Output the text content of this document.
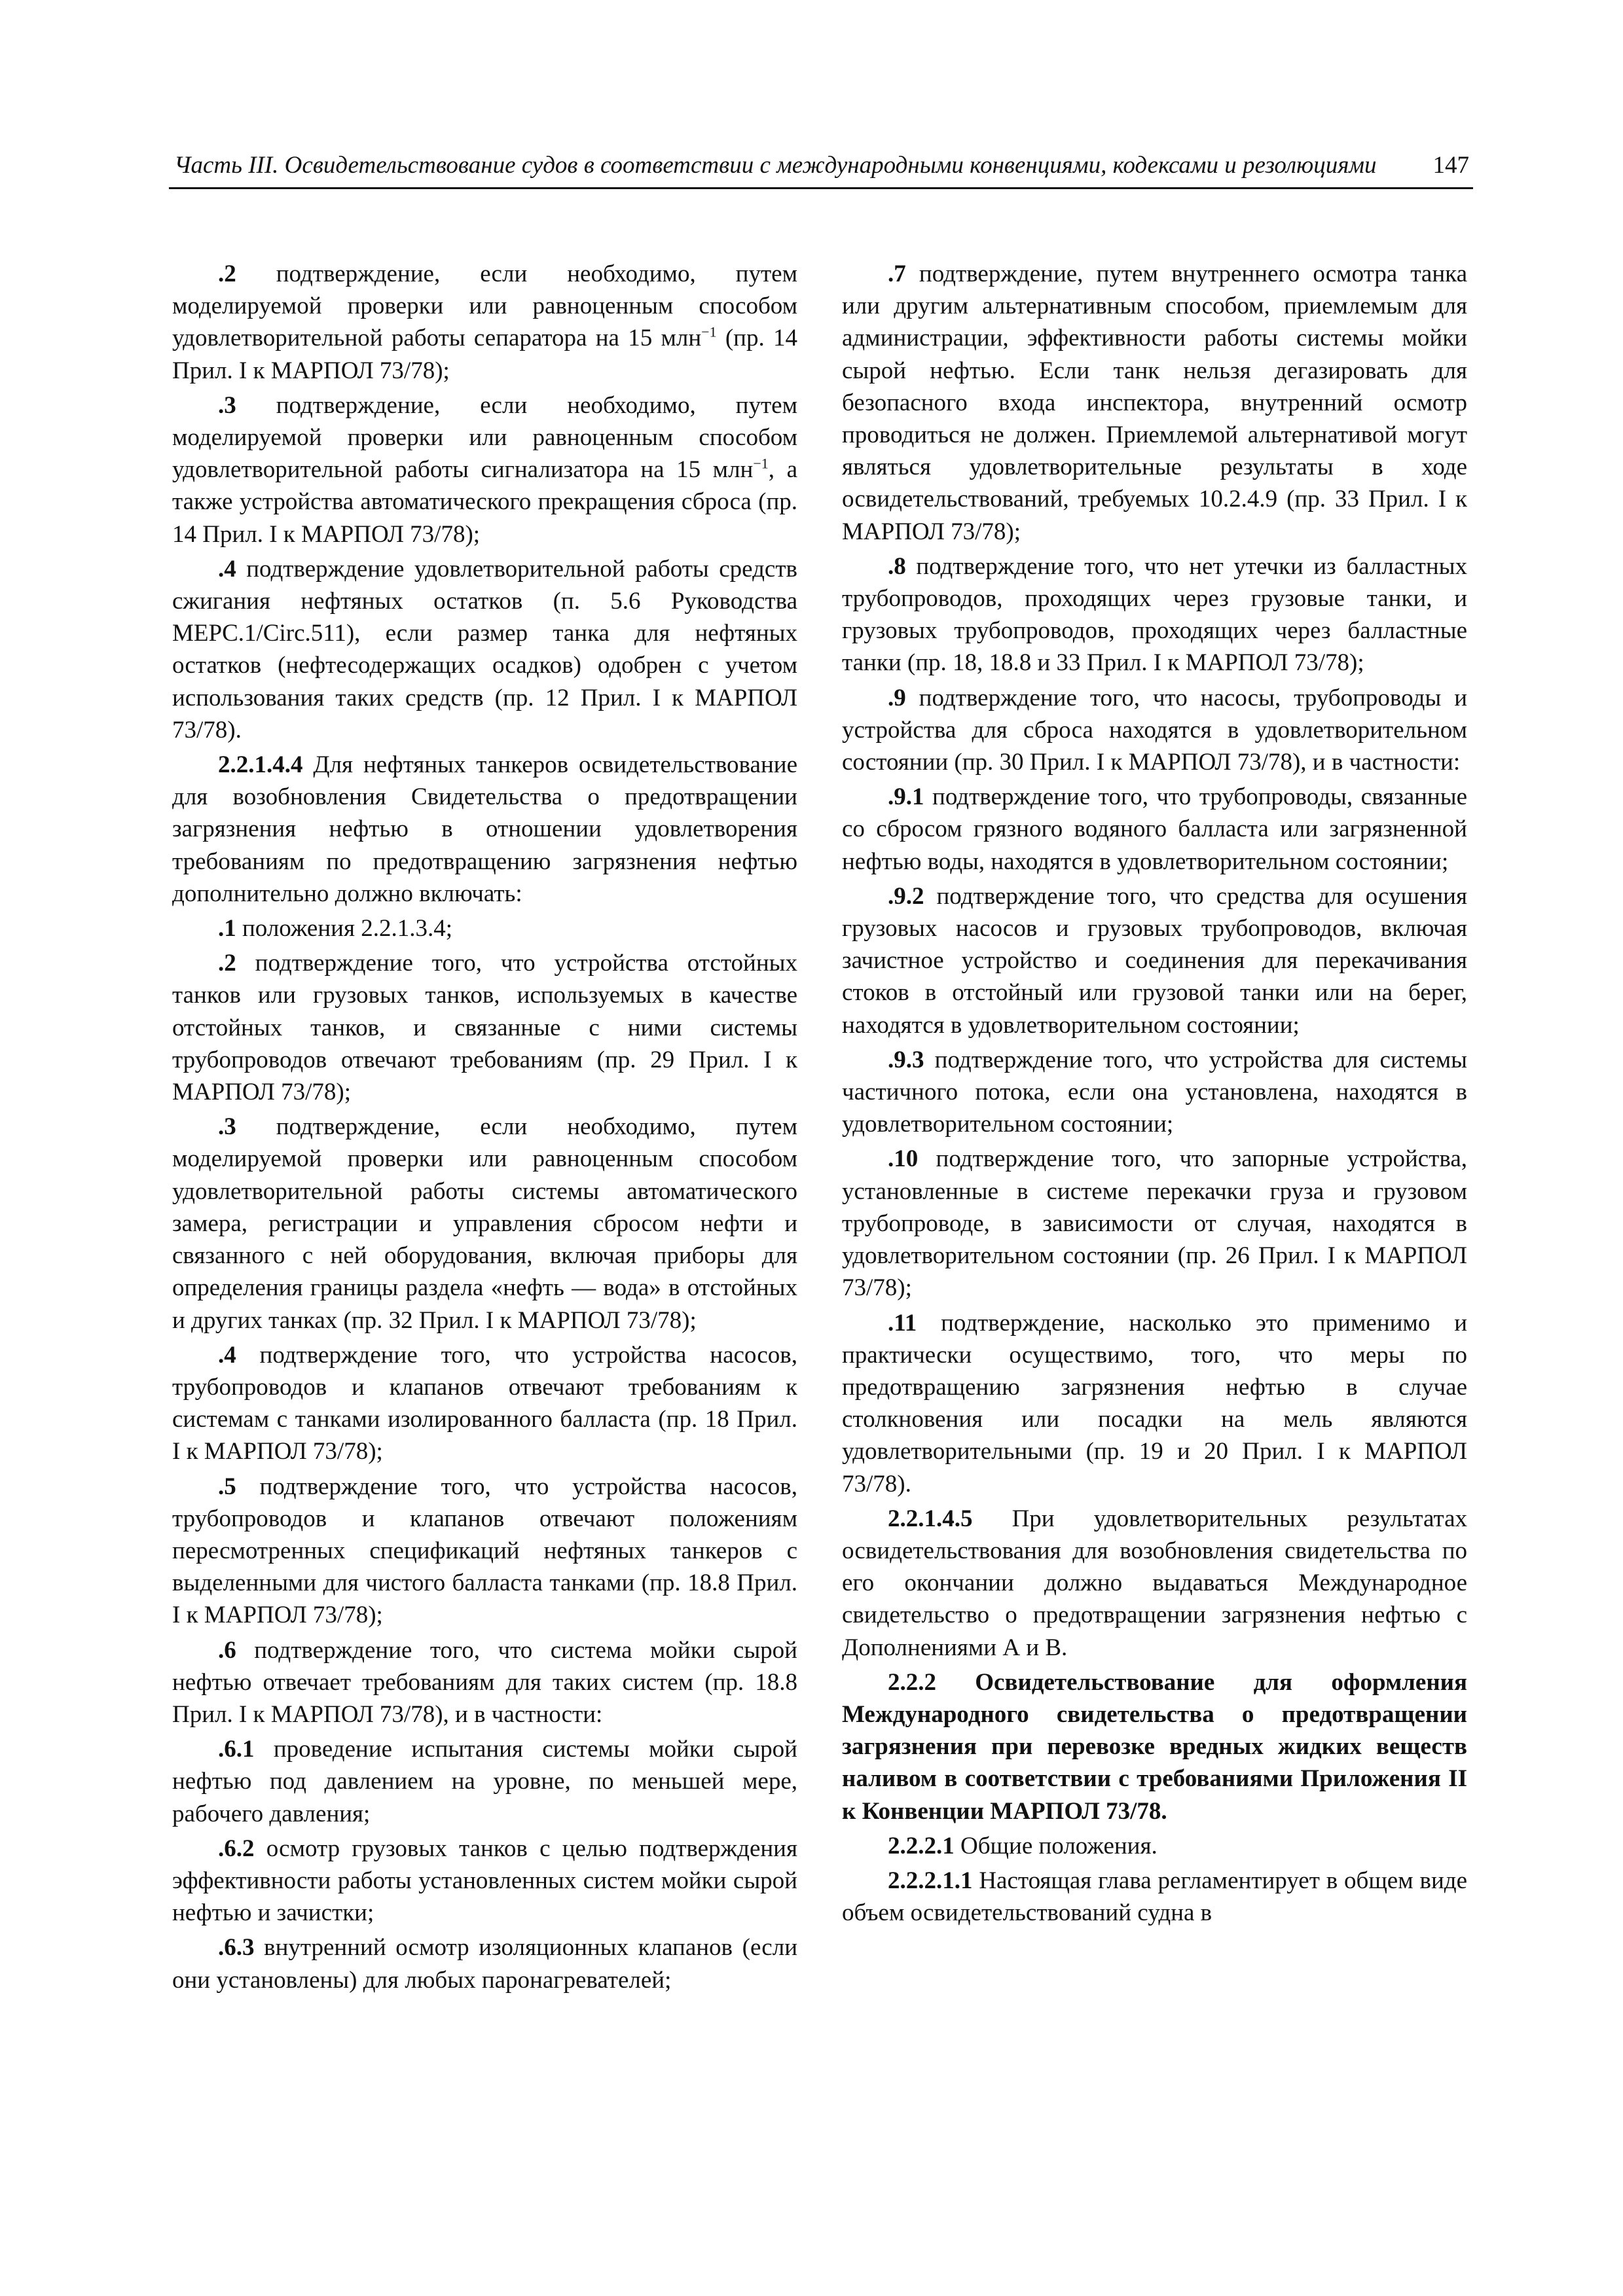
Часть III. Освидетельствование судов в соответствии с международными конвенциями, кодексами и резолюциями 147

.2 подтверждение, если необходимо, путем моделируемой проверки или равноценным способом удовлетворительной работы сепаратора на 15 млн$^{-1}$ (пр. 14 Прил. I к МАРПОЛ 73/78);

.3 подтверждение, если необходимо, путем моделируемой проверки или равноценным способом удовлетворительной работы сигнализатора на 15 млн$^{-1}$, а также устройства автоматического прекращения сброса (пр. 14 Прил. I к МАРПОЛ 73/78);

.4 подтверждение удовлетворительной работы средств сжигания нефтяных остатков (п. 5.6 Руководства MEPC.1/Circ.511), если размер танка для нефтяных остатков (нефтесодержащих осадков) одобрен с учетом использования таких средств (пр. 12 Прил. I к МАРПОЛ 73/78).

2.2.1.4.4 Для нефтяных танкеров освидетельствование для возобновления Свидетельства о предотвращении загрязнения нефтью в отношении удовлетворения требованиям по предотвращению загрязнения нефтью дополнительно должно включать:

.1 положения 2.2.1.3.4;

.2 подтверждение того, что устройства отстойных танков или грузовых танков, используемых в качестве отстойных танков, и связанные с ними системы трубопроводов отвечают требованиям (пр. 29 Прил. I к МАРПОЛ 73/78);

.3 подтверждение, если необходимо, путем моделируемой проверки или равноценным способом удовлетворительной работы системы автоматического замера, регистрации и управления сбросом нефти и связанного с ней оборудования, включая приборы для определения границы раздела «нефть — вода» в отстойных и других танках (пр. 32 Прил. I к МАРПОЛ 73/78);

.4 подтверждение того, что устройства насосов, трубопроводов и клапанов отвечают требованиям к системам с танками изолированного балласта (пр. 18 Прил. I к МАРПОЛ 73/78);

.5 подтверждение того, что устройства насосов, трубопроводов и клапанов отвечают положениям пересмотренных спецификаций нефтяных танкеров с выделенными для чистого балласта танками (пр. 18.8 Прил. I к МАРПОЛ 73/78);

.6 подтверждение того, что система мойки сырой нефтью отвечает требованиям для таких систем (пр. 18.8 Прил. I к МАРПОЛ 73/78), и в частности:

.6.1 проведение испытания системы мойки сырой нефтью под давлением на уровне, по меньшей мере, рабочего давления;

.6.2 осмотр грузовых танков с целью подтверждения эффективности работы установленных систем мойки сырой нефтью и зачистки;

.6.3 внутренний осмотр изоляционных клапанов (если они установлены) для любых паронагревателей;

.7 подтверждение, путем внутреннего осмотра танка или другим альтернативным способом, приемлемым для администрации, эффективности работы системы мойки сырой нефтью. Если танк нельзя дегазировать для безопасного входа инспектора, внутренний осмотр проводиться не должен. Приемлемой альтернативой могут являться удовлетворительные результаты в ходе освидетельствований, требуемых 10.2.4.9 (пр. 33 Прил. I к МАРПОЛ 73/78);

.8 подтверждение того, что нет утечки из балластных трубопроводов, проходящих через грузовые танки, и грузовых трубопроводов, проходящих через балластные танки (пр. 18, 18.8 и 33 Прил. I к МАРПОЛ 73/78);

.9 подтверждение того, что насосы, трубопроводы и устройства для сброса находятся в удовлетворительном состоянии (пр. 30 Прил. I к МАРПОЛ 73/78), и в частности:

.9.1 подтверждение того, что трубопроводы, связанные со сбросом грязного водяного балласта или загрязненной нефтью воды, находятся в удовлетворительном состоянии;

.9.2 подтверждение того, что средства для осушения грузовых насосов и грузовых трубопроводов, включая зачистное устройство и соединения для перекачивания стоков в отстойный или грузовой танки или на берег, находятся в удовлетворительном состоянии;

.9.3 подтверждение того, что устройства для системы частичного потока, если она установлена, находятся в удовлетворительном состоянии;

.10 подтверждение того, что запорные устройства, установленные в системе перекачки груза и грузовом трубопроводе, в зависимости от случая, находятся в удовлетворительном состоянии (пр. 26 Прил. I к МАРПОЛ 73/78);

.11 подтверждение, насколько это применимо и практически осуществимо, того, что меры по предотвращению загрязнения нефтью в случае столкновения или посадки на мель являются удовлетворительными (пр. 19 и 20 Прил. I к МАРПОЛ 73/78).

2.2.1.4.5 При удовлетворительных результатах освидетельствования для возобновления свидетельства по его окончании должно выдаваться Международное свидетельство о предотвращении загрязнения нефтью с Дополнениями А и В.

2.2.2 Освидетельствование для оформления Международного свидетельства о предотвращении загрязнения при перевозке вредных жидких веществ наливом в соответствии с требованиями Приложения II к Конвенции МАРПОЛ 73/78.

2.2.2.1 Общие положения.

2.2.2.1.1 Настоящая глава регламентирует в общем виде объем освидетельствований судна в
